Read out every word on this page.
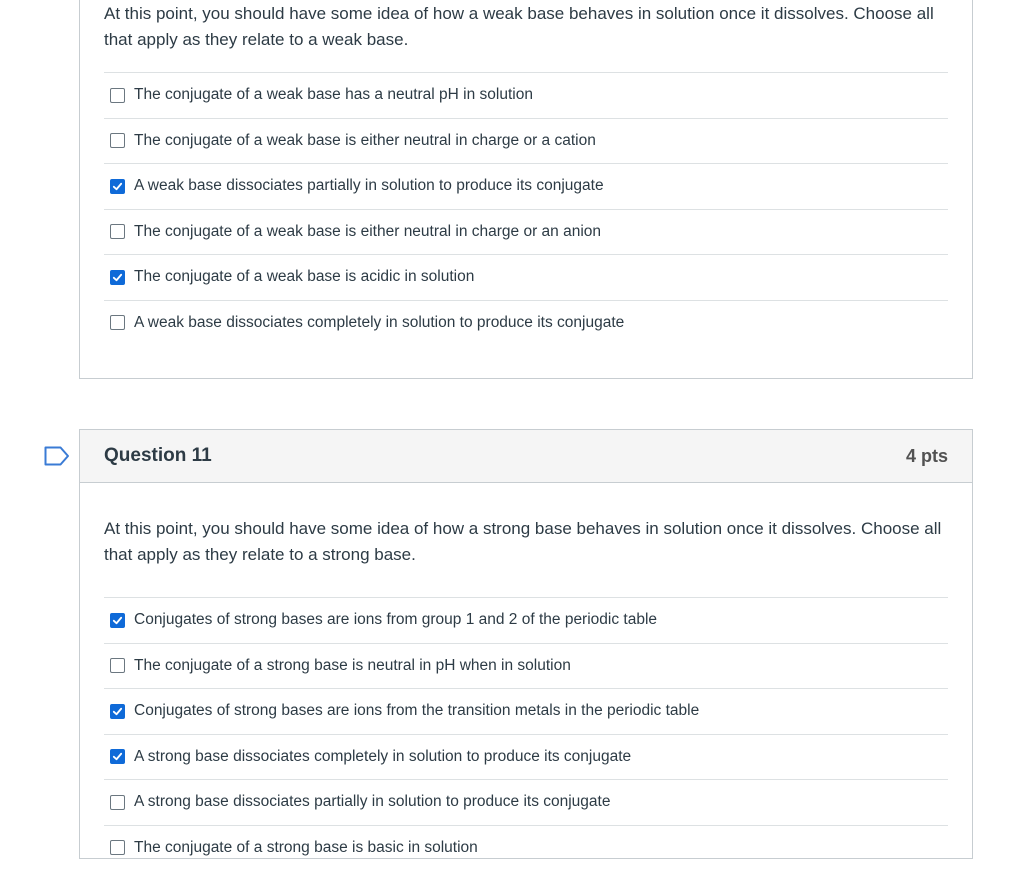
At this point, you should have some idea of how a weak base behaves in solution once it dissolves. Choose all that apply as they relate to a weak base.

The conjugate of a weak base has a neutral pH in solution
The conjugate of a weak base is either neutral in charge or a cation
A weak base dissociates partially in solution to produce its conjugate
The conjugate of a weak base is either neutral in charge or an anion
The conjugate of a weak base is acidic in solution
A weak base dissociates completely in solution to produce its conjugate
Question 11	4 pts

At this point, you should have some idea of how a strong base behaves in solution once it dissolves. Choose all that apply as they relate to a strong base.

Conjugates of strong bases are ions from group 1 and 2 of the periodic table
The conjugate of a strong base is neutral in pH when in solution
Conjugates of strong bases are ions from the transition metals in the periodic table
A strong base dissociates completely in solution to produce its conjugate
A strong base dissociates partially in solution to produce its conjugate
The conjugate of a strong base is basic in solution
